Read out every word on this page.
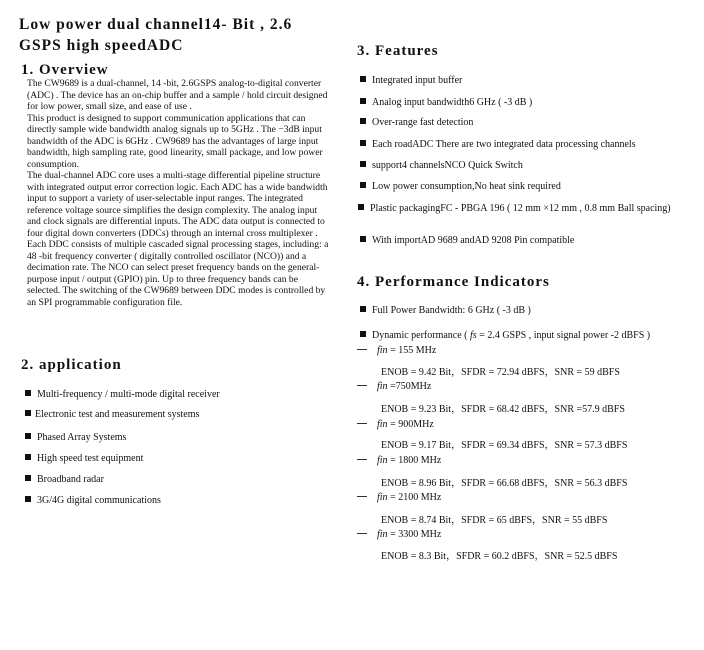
Low power dual channel14- Bit , 2.6
GSPS high speedADC
1. Overview

The CW9689 is a dual-channel, 14 -bit, 2.6GSPS analog-to-digital converter (ADC) . The device has an on-chip buffer and a sample / hold circuit designed for low power, small size, and ease of use .

This product is designed to support communication applications that can directly sample wide bandwidth analog signals up to 5GHz . The −3dB input bandwidth of the ADC is 6GHz . CW9689 has the advantages of large input bandwidth, high sampling rate, good linearity, small package, and low power consumption.

The dual-channel ADC core uses a multi-stage differential pipeline structure with integrated output error correction logic. Each ADC has a wide bandwidth input to support a variety of user-selectable input ranges. The integrated reference voltage source simplifies the design complexity. The analog input and clock signals are differential inputs. The ADC data output is connected to four digital down converters (DDCs) through an internal cross multiplexer . Each DDC consists of multiple cascaded signal processing stages, including: a 48 -bit frequency converter ( digitally controlled oscillator (NCO)) and a decimation rate. The NCO can select preset frequency bands on the general-purpose input / output (GPIO) pin. Up to three frequency bands can be selected. The switching of the CW9689 between DDC modes is controlled by an SPI programmable configuration file.

2. application
Multi-frequency / multi-mode digital receiver
Electronic test and measurement systems
Phased Array Systems
High speed test equipment
Broadband radar
3G/4G digital communications
3. Features
Integrated input buffer
Analog input bandwidth6 GHz ( -3 dB )
Over-range fast detection
Each roadADC There are two integrated data processing channels
support4 channelsNCO Quick Switch
Low power consumption,No heat sink required
Plastic packagingFC - PBGA 196 ( 12 mm ×12 mm , 0.8 mm Ball spacing)
With importAD 9689 andAD 9208 Pin compatible
4. Performance Indicators
Full Power Bandwidth: 6 GHz ( -3 dB )
Dynamic performance ( fs = 2.4 GSPS , input signal power -2 dBFS )
fin = 155 MHz
ENOB = 9.42 Bit，SFDR = 72.94 dBFS，SNR = 59 dBFS
fin =750MHz
ENOB = 9.23 Bit，SFDR = 68.42 dBFS，SNR =57.9 dBFS
fin = 900MHz
ENOB = 9.17 Bit，SFDR = 69.34 dBFS，SNR = 57.3 dBFS
fin = 1800 MHz
ENOB = 8.96 Bit，SFDR = 66.68 dBFS，SNR = 56.3 dBFS
fin = 2100 MHz
ENOB = 8.74 Bit，SFDR = 65 dBFS，SNR = 55 dBFS
fin = 3300 MHz
ENOB = 8.3 Bit，SFDR = 60.2 dBFS，SNR = 52.5 dBFS
